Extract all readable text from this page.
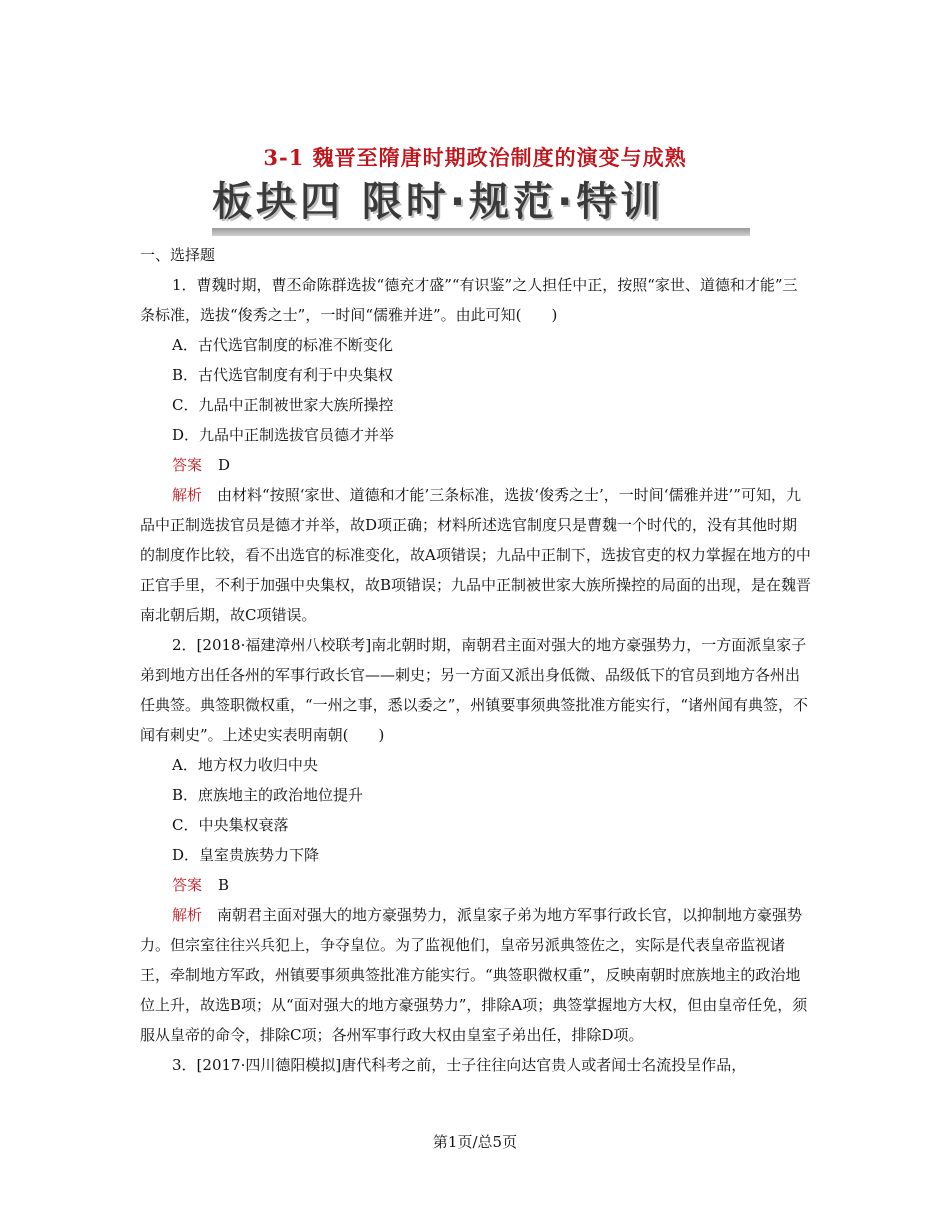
3-1 魏晋至隋唐时期政治制度的演变与成熟
板块四 限时·规范·特训

一、选择题

1．曹魏时期，曹丕命陈群选拔“德充才盛”“有识鉴”之人担任中正，按照“家世、道德和才能”三条标准，选拔“俊秀之士”，一时间“儒雅并进”。由此可知(　　)

A．古代选官制度的标准不断变化

B．古代选官制度有利于中央集权

C．九品中正制被世家大族所操控

D．九品中正制选拔官员德才并举

答案 D

解析　 由材料“按照‘家世、道德和才能’三条标准，选拔‘俊秀之士’，一时间‘儒雅并进’”可知，九品中正制选拔官员是德才并举，故D项正确；材料所述选官制度只是曹魏一个时代的，没有其他时期的制度作比较，看不出选官的标准变化，故A项错误；九品中正制下，选拔官吏的权力掌握在地方的中正官手里，不利于加强中央集权，故B项错误；九品中正制被世家大族所操控的局面的出现，是在魏晋南北朝后期，故C项错误。

2．[2018·福建漳州八校联考]南北朝时期，南朝君主面对强大的地方豪强势力，一方面派皇家子弟到地方出任各州的军事行政长官——刺史；另一方面又派出身低微、品级低下的官员到地方各州出任典签。典签职微权重，“一州之事，悉以委之”，州镇要事须典签批准方能实行，“诸州闻有典签，不闻有刺史”。上述史实表明南朝(　　)

A．地方权力收归中央

B．庶族地主的政治地位提升

C．中央集权衰落

D．皇室贵族势力下降

答案 B

解析　 南朝君主面对强大的地方豪强势力，派皇家子弟为地方军事行政长官，以抑制地方豪强势力。但宗室往往兴兵犯上，争夺皇位。为了监视他们，皇帝另派典签佐之，实际是代表皇帝监视诸王，牵制地方军政，州镇要事须典签批准方能实行。“典签职微权重”，反映南朝时庶族地主的政治地位上升，故选B项；从“面对强大的地方豪强势力”，排除A项；典签掌握地方大权，但由皇帝任免，须服从皇帝的命令，排除C项；各州军事行政大权由皇室子弟出任，排除D项。

3．[2017·四川德阳模拟]唐代科考之前，士子往往向达官贵人或者闻士名流投呈作品，

第1页/总5页
